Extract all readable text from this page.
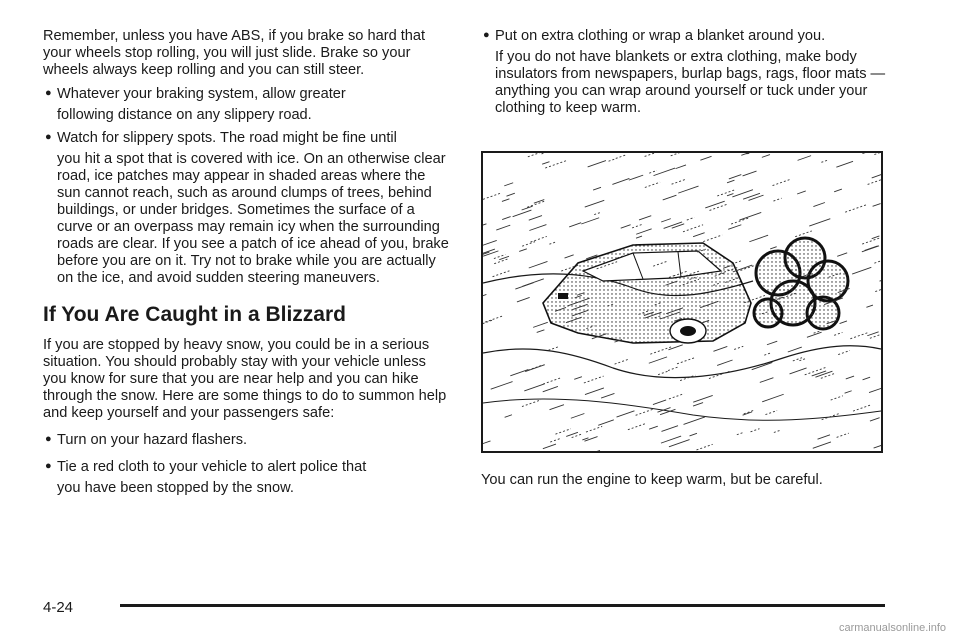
Remember, unless you have ABS, if you brake so hard that your wheels stop rolling, you will just slide. Brake so your wheels always keep rolling and you can still steer.

● Whatever your braking system, allow greater
following distance on any slippery road.
● Watch for slippery spots. The road might be fine until
you hit a spot that is covered with ice. On an otherwise clear road, ice patches may appear in shaded areas where the sun cannot reach, such as around clumps of trees, behind buildings, or under bridges. Sometimes the surface of a curve or an overpass may remain icy when the surrounding roads are clear. If you see a patch of ice ahead of you, brake before you are on it. Try not to brake while you are actually on the ice, and avoid sudden steering maneuvers.
If You Are Caught in a Blizzard

If you are stopped by heavy snow, you could be in a serious situation. You should probably stay with your vehicle unless you know for sure that you are near help and you can hike through the snow. Here are some things to do to summon help and keep yourself and your passengers safe:

● Turn on your hazard flashers.
● Tie a red cloth to your vehicle to alert police that
you have been stopped by the snow.
● Put on extra clothing or wrap a blanket around you.
If you do not have blankets or extra clothing, make body insulators from newspapers, burlap bags, rags, floor mats — anything you can wrap around yourself or tuck under your clothing to keep warm.

You can run the engine to keep warm, but be careful.

4-24
carmanualsonline.info
